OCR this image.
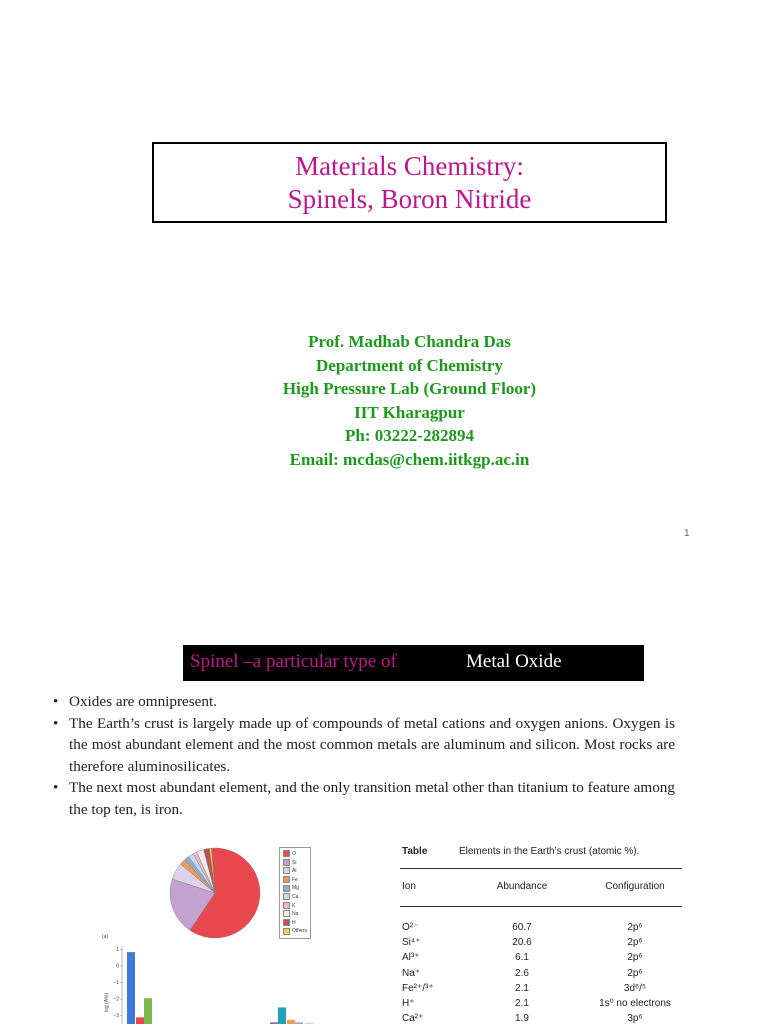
Materials Chemistry:
Spinels, Boron Nitride
Prof. Madhab Chandra Das
Department of Chemistry
High Pressure Lab (Ground Floor)
IIT Kharagpur
Ph: 03222-282894
Email: mcdas@chem.iitkgp.ac.in
1
Spinel –a particular type of	Metal Oxide
• Oxides are omnipresent.
• The Earth’s crust is largely made up of compounds of metal cations and oxygen anions. Oxygen is the most abundant element and the most common metals are aluminum and silicon. Most rocks are therefore aluminosilicates.
• The next most abundant element, and the only transition metal other than titanium to feature among the top ten, is iron.
O
Si
Al
Fe
Mg
Ca
K
Na
H
Others
(a)
log (A%)
1
0
−1
−2
−3
Table	Elements in the Earth’s crust (atomic %).
Ion	Abundance	Configuration
O²⁻	60.7	2p⁶
Si⁴⁺	20.6	2p⁶
Al³⁺	6.1	2p⁶
Na⁺	2.6	2p⁶
Fe²⁺/³⁺	2.1	3d⁶/⁵
H⁺	2.1	1s⁰ no electrons
Ca²⁺	1.9	3p⁶
